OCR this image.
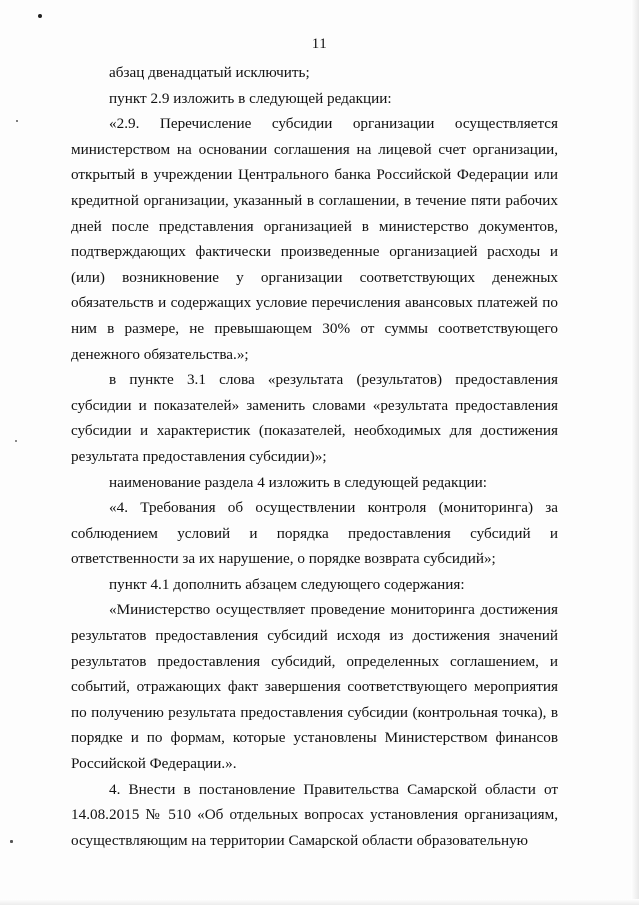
11

абзац двенадцатый исключить;

пункт 2.9 изложить в следующей редакции:

«2.9. Перечисление субсидии организации осуществляется министерством на основании соглашения на лицевой счет организации, открытый в учреждении Центрального банка Российской Федерации или кредитной организации, указанный в соглашении, в течение пяти рабочих дней после представления организацией в министерство документов, подтверждающих фактически произведенные организацией расходы и (или) возникновение у организации соответствующих денежных обязательств и содержащих условие перечисления авансовых платежей по ним в размере, не превышающем 30% от суммы соответствующего денежного обязательства.»;

в пункте 3.1 слова «результата (результатов) предоставления субсидии и показателей» заменить словами «результата предоставления субсидии и характеристик (показателей, необходимых для достижения результата предоставления субсидии)»;

наименование раздела 4 изложить в следующей редакции:

«4. Требования об осуществлении контроля (мониторинга) за соблюдением условий и порядка предоставления субсидий и ответственности за их нарушение, о порядке возврата субсидий»;

пункт 4.1 дополнить абзацем следующего содержания:

«Министерство осуществляет проведение мониторинга достижения результатов предоставления субсидий исходя из достижения значений результатов предоставления субсидий, определенных соглашением, и событий, отражающих факт завершения соответствующего мероприятия по получению результата предоставления субсидии (контрольная точка), в порядке и по формам, которые установлены Министерством финансов Российской Федерации.».

4. Внести в постановление Правительства Самарской области от 14.08.2015 № 510 «Об отдельных вопросах установления организациям, осуществляющим на территории Самарской области образовательную
